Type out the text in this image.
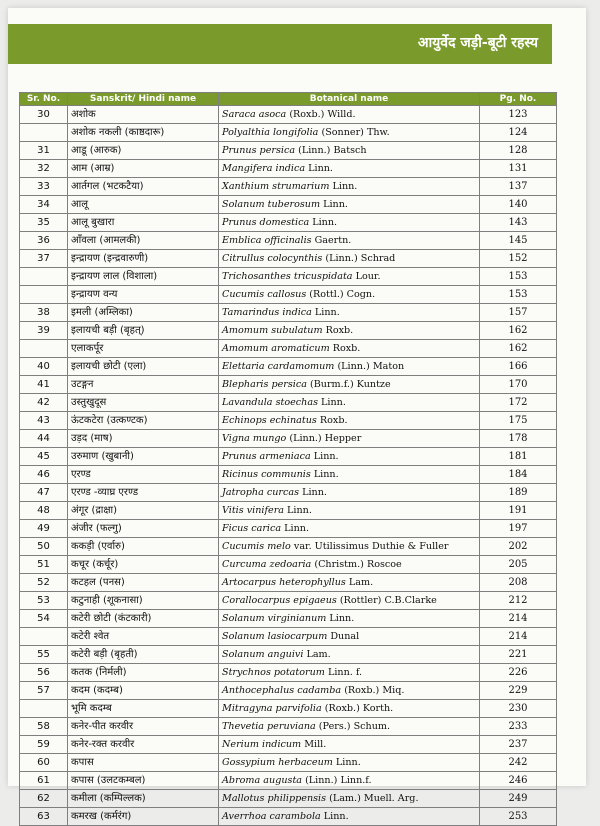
आयुर्वेद जड़ी-बूटी रहस्य
Sr. No.	Sanskrit/ Hindi name	Botanical name	Pg. No.
30	अशोक	Saraca asoca (Roxb.) Willd.	123
	अशोक नकली (काष्ठदारू)	Polyalthia longifolia (Sonner) Thw.	124
31	आडू (आरुक)	Prunus persica (Linn.) Batsch	128
32	आम (आम्र)	Mangifera indica Linn.	131
33	आर्तगल (भटकटैया)	Xanthium strumarium Linn.	137
34	आलू	Solanum tuberosum Linn.	140
35	आलू बुखारा	Prunus domestica Linn.	143
36	आँवला (आमलकी)	Emblica officinalis Gaertn.	145
37	इन्द्रायण (इन्द्रवारुणी)	Citrullus colocynthis (Linn.) Schrad	152
	इन्द्रायण लाल (विशाला)	Trichosanthes tricuspidata Lour.	153
	इन्द्रायण वन्य	Cucumis callosus (Rottl.) Cogn.	153
38	इमली (अम्लिका)	Tamarindus indica Linn.	157
39	इलायची बड़ी (बृहत्)	Amomum subulatum Roxb.	162
	एलाकर्पूर	Amomum aromaticum Roxb.	162
40	इलायची छोटी (एला)	Elettaria cardamomum (Linn.) Maton	166
41	उटङ्गन	Blepharis persica (Burm.f.) Kuntze	170
42	उस्तुखुदूस	Lavandula stoechas Linn.	172
43	ऊंटकटेरा (उत्कण्टक)	Echinops echinatus Roxb.	175
44	उड़द (माष)	Vigna mungo (Linn.) Hepper	178
45	उरुमाण (खुबानी)	Prunus armeniaca Linn.	181
46	एरण्ड	Ricinus communis Linn.	184
47	एरण्ड -व्याघ्र एरण्ड	Jatropha curcas Linn.	189
48	अंगूर (द्राक्षा)	Vitis vinifera Linn.	191
49	अंजीर (फल्गु)	Ficus carica Linn.	197
50	ककड़ी (एर्वारु)	Cucumis melo var. Utilissimus Duthie & Fuller	202
51	कचूर (कर्चूर)	Curcuma zedoaria (Christm.) Roscoe	205
52	कटहल (पनस)	Artocarpus heterophyllus Lam.	208
53	कटुनाही (शूकनासा)	Corallocarpus epigaeus (Rottler) C.B.Clarke	212
54	कटेरी छोटी (कंटकारी)	Solanum virginianum Linn.	214
	कटेरी श्वेत	Solanum lasiocarpum Dunal	214
55	कटेरी बड़ी (बृहती)	Solanum anguivi Lam.	221
56	कतक (निर्मली)	Strychnos potatorum Linn. f.	226
57	कदम (कदम्ब)	Anthocephalus cadamba (Roxb.) Miq.	229
	भूमि कदम्ब	Mitragyna parvifolia (Roxb.) Korth.	230
58	कनेर-पीत करवीर	Thevetia peruviana (Pers.) Schum.	233
59	कनेर-रक्त करवीर	Nerium indicum Mill.	237
60	कपास	Gossypium herbaceum Linn.	242
61	कपास (उलटकम्बल)	Abroma augusta (Linn.) Linn.f.	246
62	कमीला (कम्पिल्लक)	Mallotus philippensis (Lam.) Muell. Arg.	249
63	कमरख (कर्मरंग)	Averrhoa carambola Linn.	253
